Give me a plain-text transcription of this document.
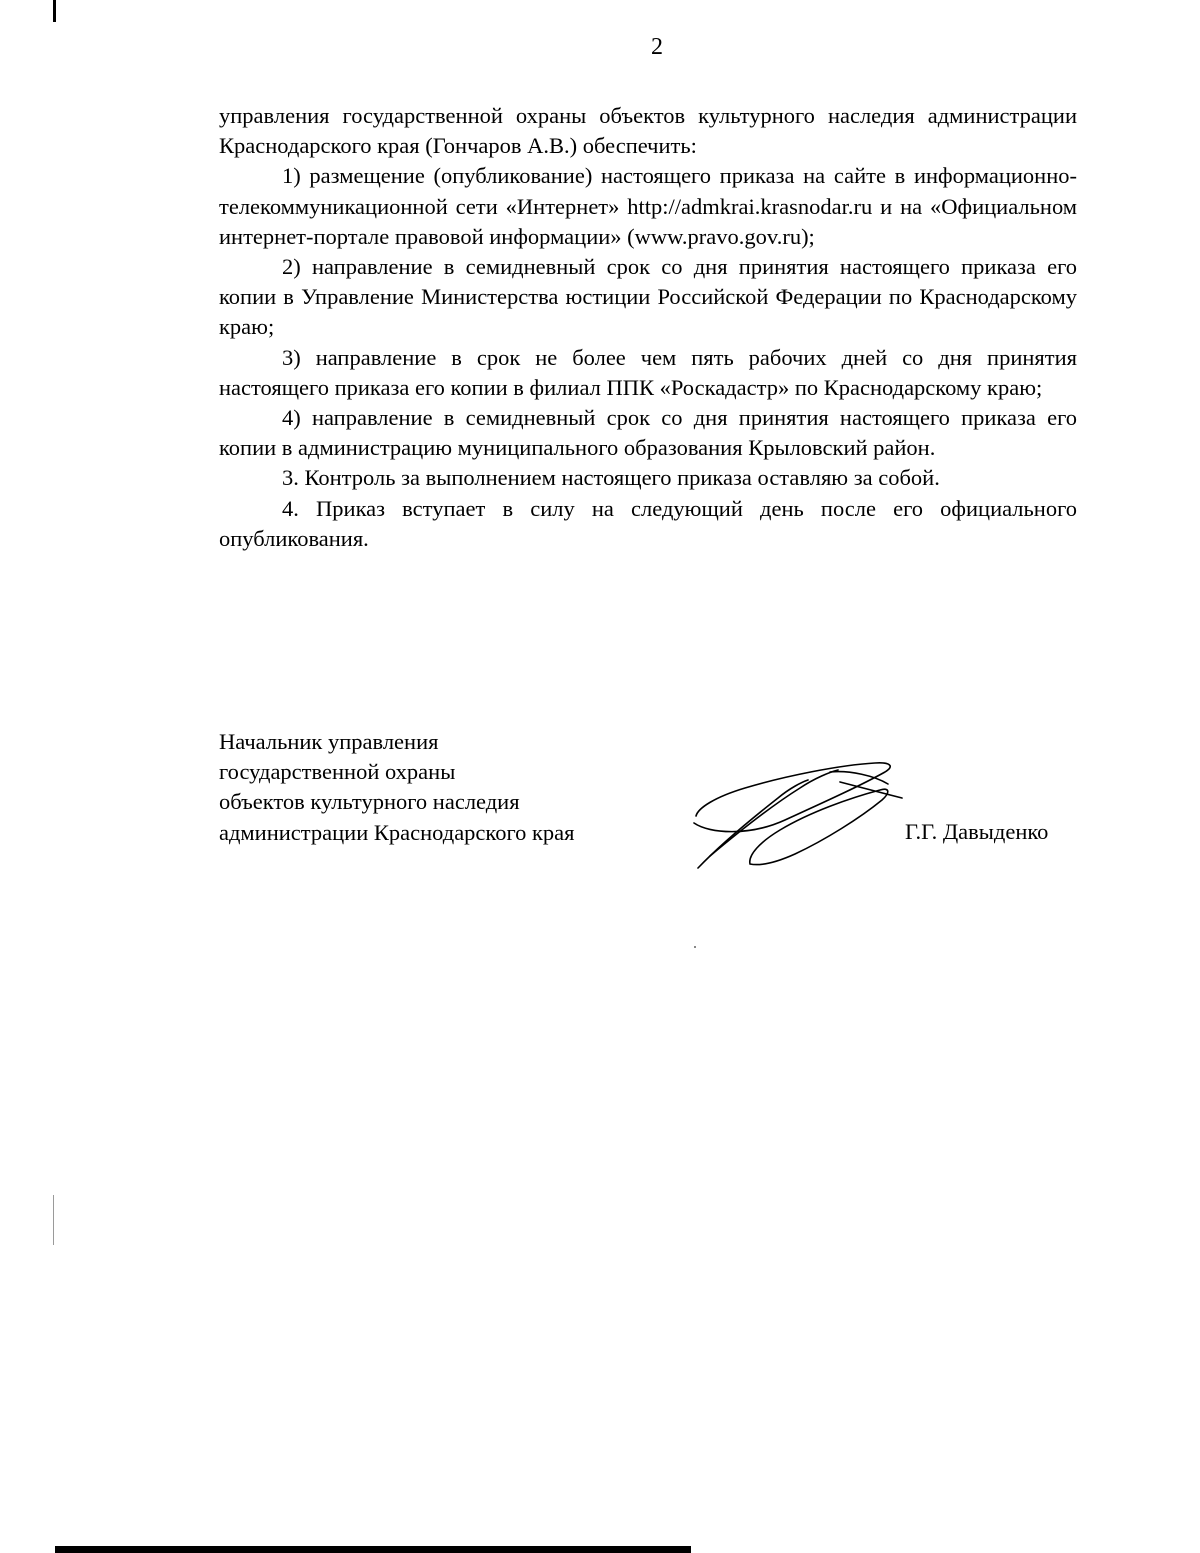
2

управления государственной охраны объектов культурного наследия администрации Краснодарского края (Гончаров А.В.) обеспечить:

1) размещение (опубликование) настоящего приказа на сайте в информационно-телекоммуникационной сети «Интернет» http://admkrai.krasnodar.ru и на «Официальном интернет-портале правовой информации» (www.pravo.gov.ru);

2) направление в семидневный срок со дня принятия настоящего приказа его копии в Управление Министерства юстиции Российской Федерации по Краснодарскому краю;

3) направление в срок не более чем пять рабочих дней со дня принятия настоящего приказа его копии в филиал ППК «Роскадастр» по Краснодарскому краю;

4) направление в семидневный срок со дня принятия настоящего приказа его копии в администрацию муниципального образования Крыловский район.

3. Контроль за выполнением настоящего приказа оставляю за собой.

4. Приказ вступает в силу на следующий день после его официального опубликования.

Начальник управления
государственной охраны
объектов культурного наследия
администрации Краснодарского края	Г.Г. Давыденко
